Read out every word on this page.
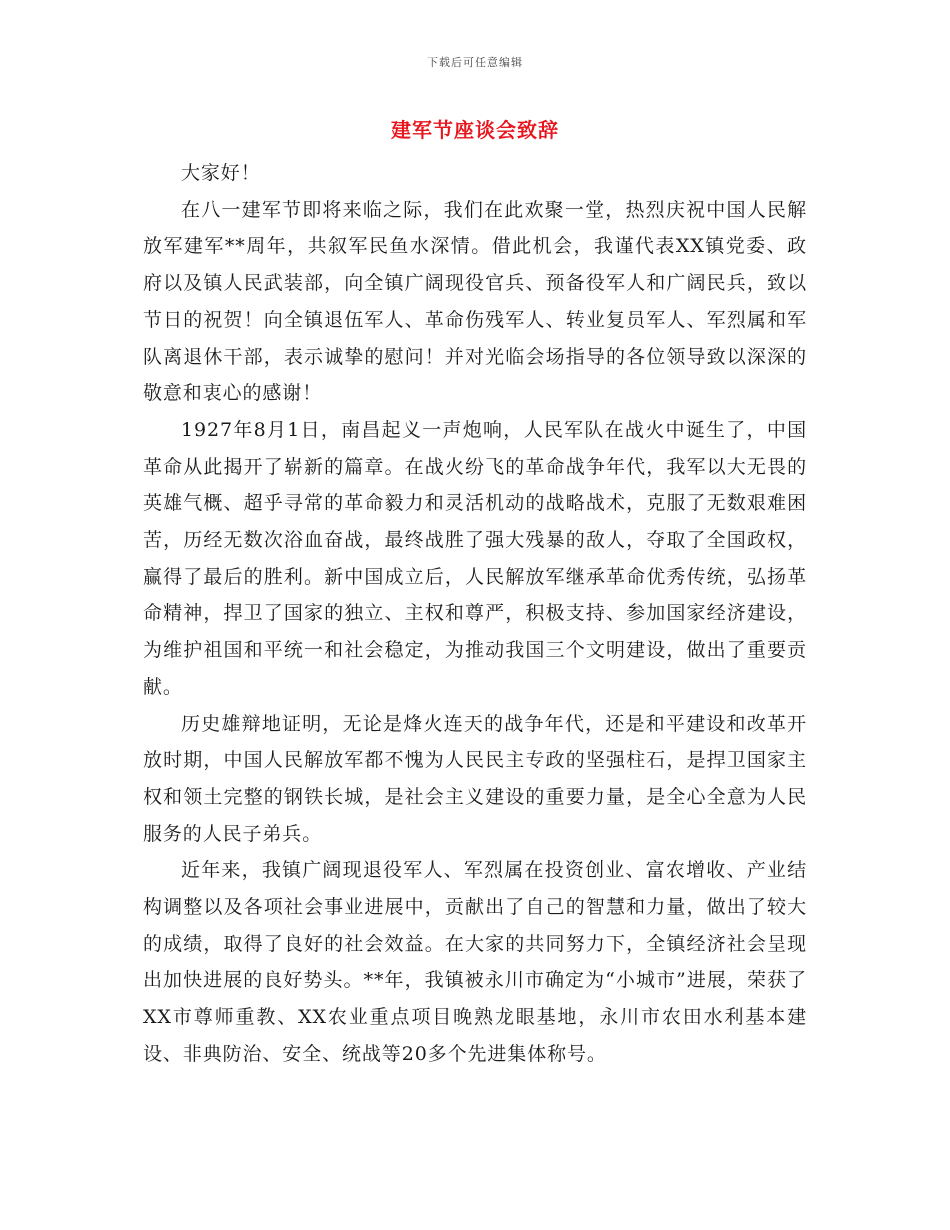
下载后可任意编辑
建军节座谈会致辞

大家好！

在八一建军节即将来临之际，我们在此欢聚一堂，热烈庆祝中国人民解放军建军**周年，共叙军民鱼水深情。借此机会，我谨代表XX镇党委、政府以及镇人民武装部，向全镇广阔现役官兵、预备役军人和广阔民兵，致以节日的祝贺！向全镇退伍军人、革命伤残军人、转业复员军人、军烈属和军队离退休干部，表示诚挚的慰问！并对光临会场指导的各位领导致以深深的敬意和衷心的感谢！

1927年8月1日，南昌起义一声炮响，人民军队在战火中诞生了，中国革命从此揭开了崭新的篇章。在战火纷飞的革命战争年代，我军以大无畏的英雄气概、超乎寻常的革命毅力和灵活机动的战略战术，克服了无数艰难困苦，历经无数次浴血奋战，最终战胜了强大残暴的敌人，夺取了全国政权，赢得了最后的胜利。新中国成立后，人民解放军继承革命优秀传统，弘扬革命精神，捍卫了国家的独立、主权和尊严，积极支持、参加国家经济建设，为维护祖国和平统一和社会稳定，为推动我国三个文明建设，做出了重要贡献。

历史雄辩地证明，无论是烽火连天的战争年代，还是和平建设和改革开放时期，中国人民解放军都不愧为人民民主专政的坚强柱石，是捍卫国家主权和领土完整的钢铁长城，是社会主义建设的重要力量，是全心全意为人民服务的人民子弟兵。

近年来，我镇广阔现退役军人、军烈属在投资创业、富农增收、产业结构调整以及各项社会事业进展中，贡献出了自己的智慧和力量，做出了较大的成绩，取得了良好的社会效益。在大家的共同努力下，全镇经济社会呈现出加快进展的良好势头。**年，我镇被永川市确定为“小城市”进展，荣获了XX市尊师重教、XX农业重点项目晚熟龙眼基地，永川市农田水利基本建设、非典防治、安全、统战等20多个先进集体称号。
